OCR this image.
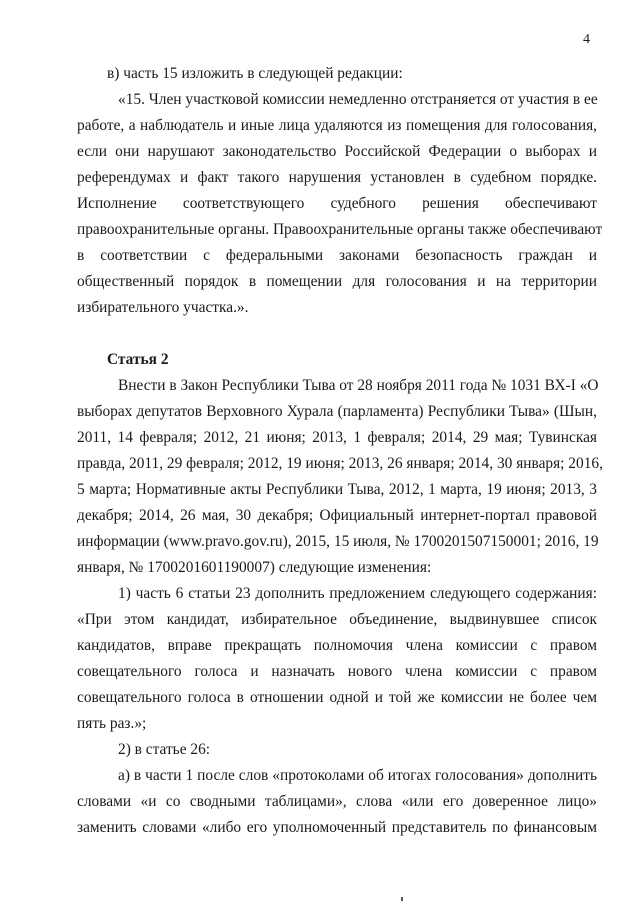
4
в) часть 15 изложить в следующей редакции:
«15. Член участковой комиссии немедленно отстраняется от участия в ее
работе, а наблюдатель и иные лица удаляются из помещения для голосования,
если они нарушают законодательство Российской Федерации о выборах и
референдумах и факт такого нарушения установлен в судебном порядке.
Исполнение соответствующего судебного решения обеспечивают
правоохранительные органы. Правоохранительные органы также обеспечивают
в соответствии с федеральными законами безопасность граждан и
общественный порядок в помещении для голосования и на территории
избирательного участка.».
Статья 2
Внести в Закон Республики Тыва от 28 ноября 2011 года № 1031 ВХ-I «О
выборах депутатов Верховного Хурала (парламента) Республики Тыва» (Шын,
2011, 14 февраля; 2012, 21 июня; 2013, 1 февраля; 2014, 29 мая; Тувинская
правда, 2011, 29 февраля; 2012, 19 июня; 2013, 26 января; 2014, 30 января; 2016,
5 марта; Нормативные акты Республики Тыва, 2012, 1 марта, 19 июня; 2013, 3
декабря; 2014, 26 мая, 30 декабря; Официальный интернет-портал правовой
информации (www.pravo.gov.ru), 2015, 15 июля, № 1700201507150001; 2016, 19
января, № 1700201601190007) следующие изменения:
1) часть 6 статьи 23 дополнить предложением следующего содержания:
«При этом кандидат, избирательное объединение, выдвинувшее список
кандидатов, вправе прекращать полномочия члена комиссии с правом
совещательного голоса и назначать нового члена комиссии с правом
совещательного голоса в отношении одной и той же комиссии не более чем
пять раз.»;
2) в статье 26:
а) в части 1 после слов «протоколами об итогах голосования» дополнить
словами «и со сводными таблицами», слова «или его доверенное лицо»
заменить словами «либо его уполномоченный представитель по финансовым
